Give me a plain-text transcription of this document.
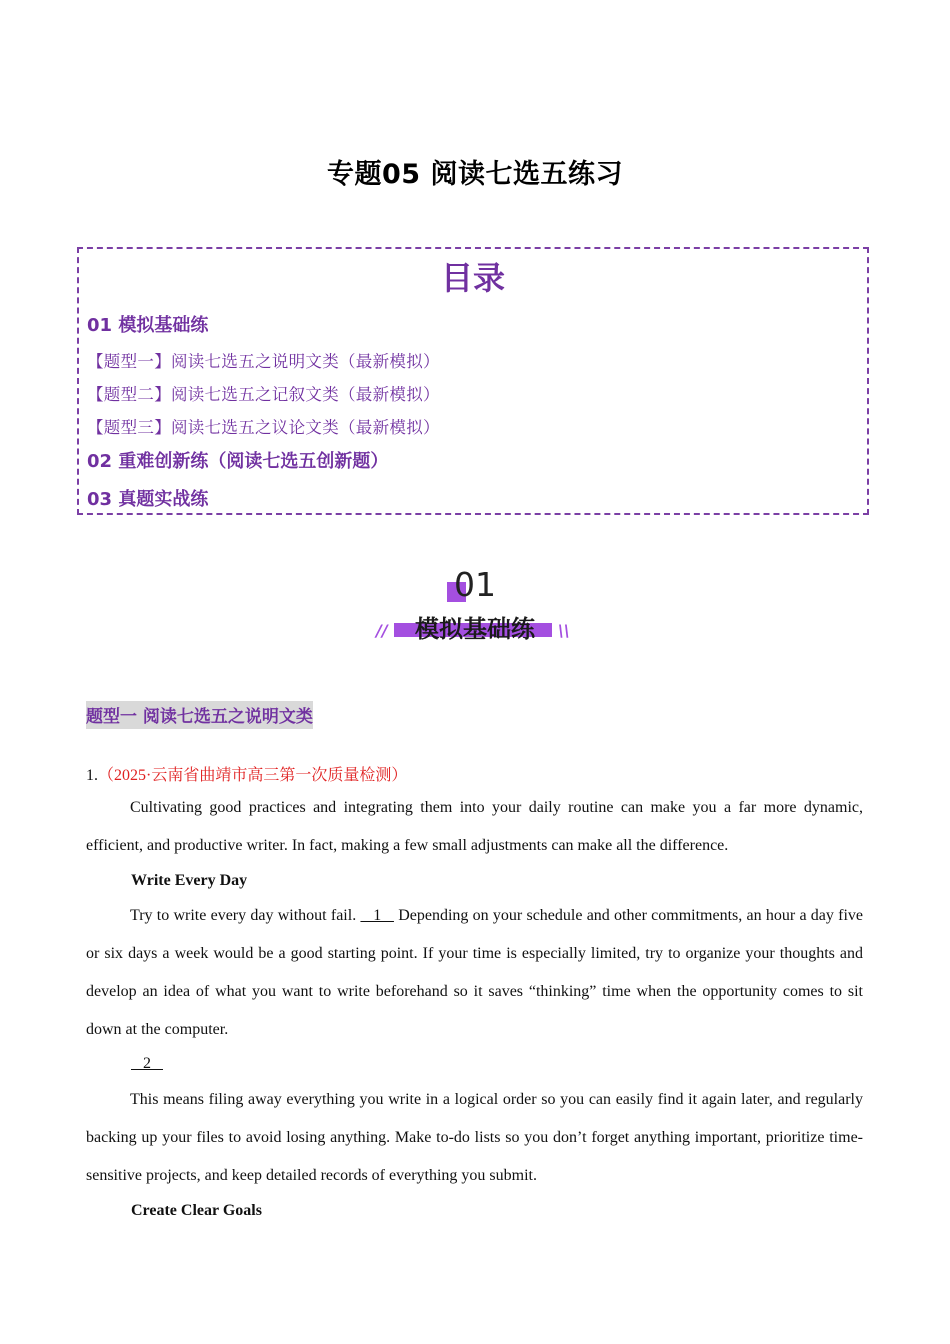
专题05 阅读七选五练习
目录
01 模拟基础练
【题型一】阅读七选五之说明文类（最新模拟）
【题型二】阅读七选五之记叙文类（最新模拟）
【题型三】阅读七选五之议论文类（最新模拟）
02 重难创新练（阅读七选五创新题）
03 真题实战练
01
模拟基础练
//	\\
题型一 阅读七选五之说明文类
1.（2025·云南省曲靖市高三第一次质量检测）
Cultivating good practices and integrating them into your daily routine can make you a far more dynamic, efficient, and productive writer. In fact, making a few small adjustments can make all the difference.
Write Every Day
Try to write every day without fail.    1    Depending on your schedule and other commitments, an hour a day five or six days a week would be a good starting point. If your time is especially limited, try to organize your thoughts and develop an idea of what you want to write beforehand so it saves “thinking” time when the opportunity comes to sit down at the computer.
2
This means filing away everything you write in a logical order so you can easily find it again later, and regularly backing up your files to avoid losing anything. Make to-do lists so you don’t forget anything important, prioritize time-sensitive projects, and keep detailed records of everything you submit.
Create Clear Goals
